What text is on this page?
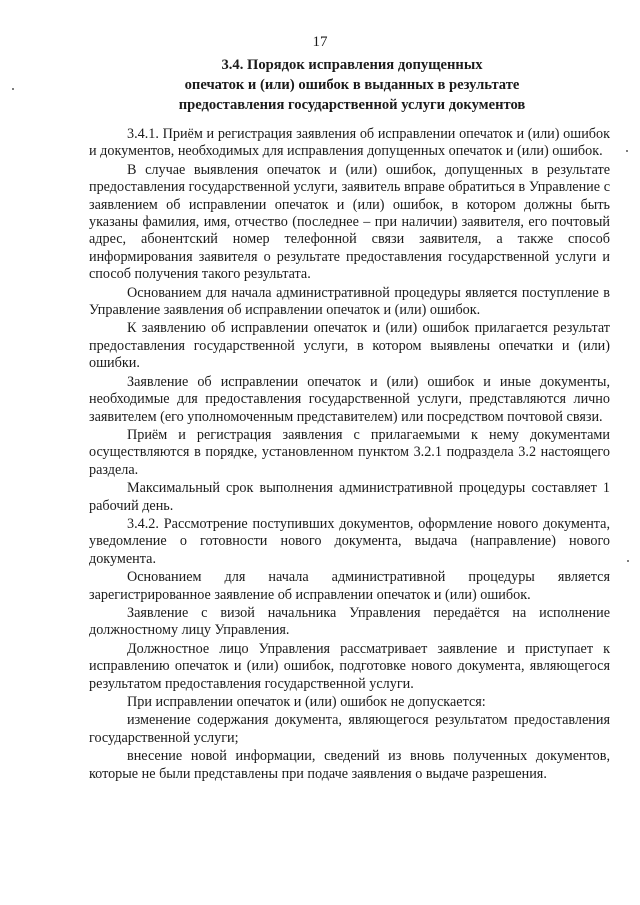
17
3.4. Порядок исправления допущенных
опечаток и (или) ошибок в выданных в результате
предоставления государственной услуги документов

3.4.1. Приём и регистрация заявления об исправлении опечаток и (или) ошибок и документов, необходимых для исправления допущенных опечаток и (или) ошибок.

В случае выявления опечаток и (или) ошибок, допущенных в результате предоставления государственной услуги, заявитель вправе обратиться в Управление с заявлением об исправлении опечаток и (или) ошибок, в котором должны быть указаны фамилия, имя, отчество (последнее – при наличии) заявителя, его почтовый адрес, абонентский номер телефонной связи заявителя, а также способ информирования заявителя о результате предоставления государственной услуги и способ получения такого результата.

Основанием для начала административной процедуры является поступление в Управление заявления об исправлении опечаток и (или) ошибок.

К заявлению об исправлении опечаток и (или) ошибок прилагается результат предоставления государственной услуги, в котором выявлены опечатки и (или) ошибки.

Заявление об исправлении опечаток и (или) ошибок и иные документы, необходимые для предоставления государственной услуги, представляются лично заявителем (его уполномоченным представителем) или посредством почтовой связи.

Приём и регистрация заявления с прилагаемыми к нему документами осуществляются в порядке, установленном пунктом 3.2.1 подраздела 3.2 настоящего раздела.

Максимальный срок выполнения административной процедуры составляет 1 рабочий день.

3.4.2. Рассмотрение поступивших документов, оформление нового документа, уведомление о готовности нового документа, выдача (направление) нового документа.

Основанием для начала административной процедуры является зарегистрированное заявление об исправлении опечаток и (или) ошибок.

Заявление с визой начальника Управления передаётся на исполнение должностному лицу Управления.

Должностное лицо Управления рассматривает заявление и приступает к исправлению опечаток и (или) ошибок, подготовке нового документа, являющегося результатом предоставления государственной услуги.

При исправлении опечаток и (или) ошибок не допускается:

изменение содержания документа, являющегося результатом предоставления государственной услуги;

внесение новой информации, сведений из вновь полученных документов, которые не были представлены при подаче заявления о выдаче разрешения.
